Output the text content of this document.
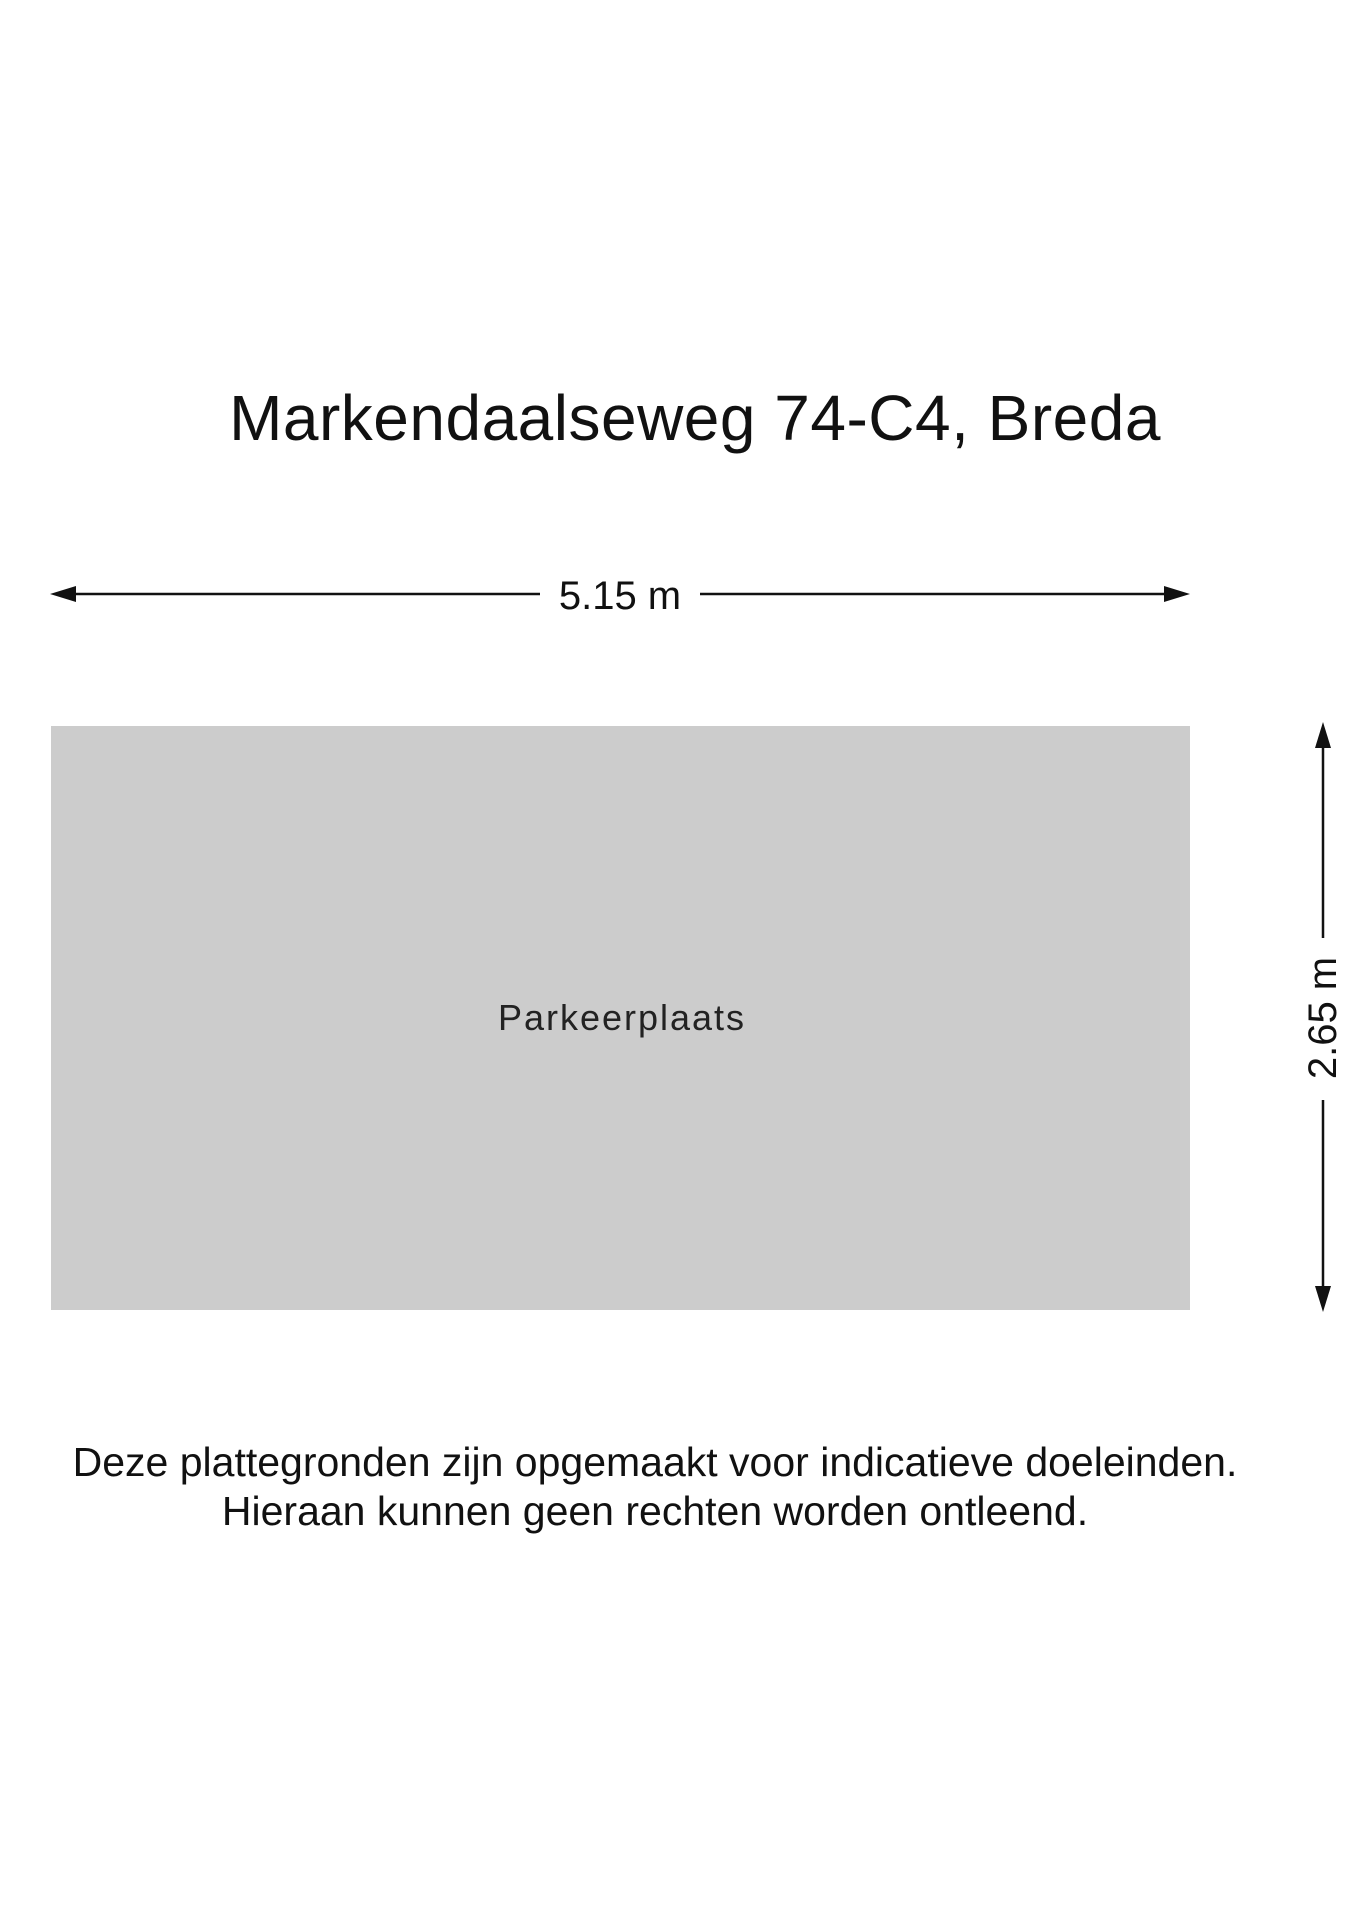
Markendaalseweg 74-C4, Breda
5.15 m
Parkeerplaats	2.65 m
Deze plattegronden zijn opgemaakt voor indicatieve doeleinden.
Hieraan kunnen geen rechten worden ontleend.
